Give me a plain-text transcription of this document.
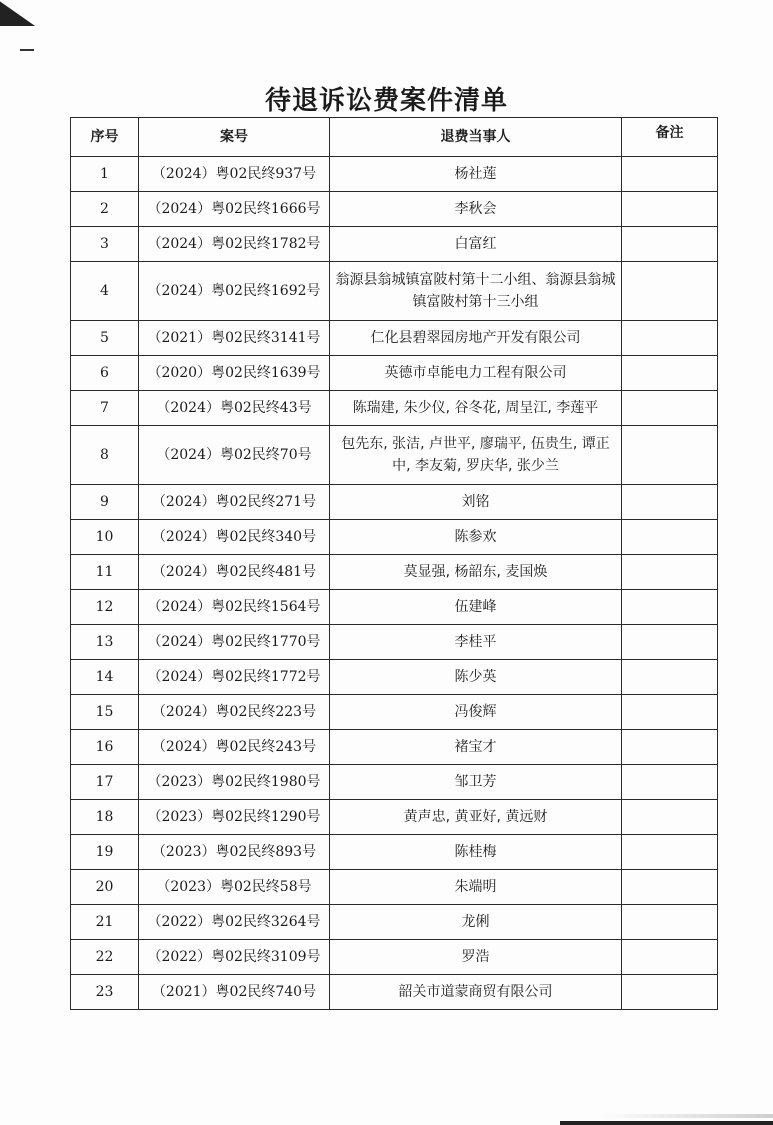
待退诉讼费案件清单
序号	案号	退费当事人	备注
1	（2024）粤02民终937号	杨社莲	
2	（2024）粤02民终1666号	李秋会	
3	（2024）粤02民终1782号	白富红	
4	（2024）粤02民终1692号	翁源县翁城镇富陂村第十二小组、翁源县翁城镇富陂村第十三小组	
5	（2021）粤02民终3141号	仁化县碧翠园房地产开发有限公司	
6	（2020）粤02民终1639号	英德市卓能电力工程有限公司	
7	（2024）粤02民终43号	陈瑞建, 朱少仪, 谷冬花, 周呈江, 李莲平	
8	（2024）粤02民终70号	包先东, 张洁, 卢世平, 廖瑞平, 伍贵生, 谭正中, 李友菊, 罗庆华, 张少兰	
9	（2024）粤02民终271号	刘铭	
10	（2024）粤02民终340号	陈参欢	
11	（2024）粤02民终481号	莫显强, 杨韶东, 麦国焕	
12	（2024）粤02民终1564号	伍建峰	
13	（2024）粤02民终1770号	李桂平	
14	（2024）粤02民终1772号	陈少英	
15	（2024）粤02民终223号	冯俊辉	
16	（2024）粤02民终243号	褚宝才	
17	（2023）粤02民终1980号	邹卫芳	
18	（2023）粤02民终1290号	黄声忠, 黄亚好, 黄远财	
19	（2023）粤02民终893号	陈桂梅	
20	（2023）粤02民终58号	朱端明	
21	（2022）粤02民终3264号	龙俐	
22	（2022）粤02民终3109号	罗浩	
23	（2021）粤02民终740号	韶关市道蒙商贸有限公司	
